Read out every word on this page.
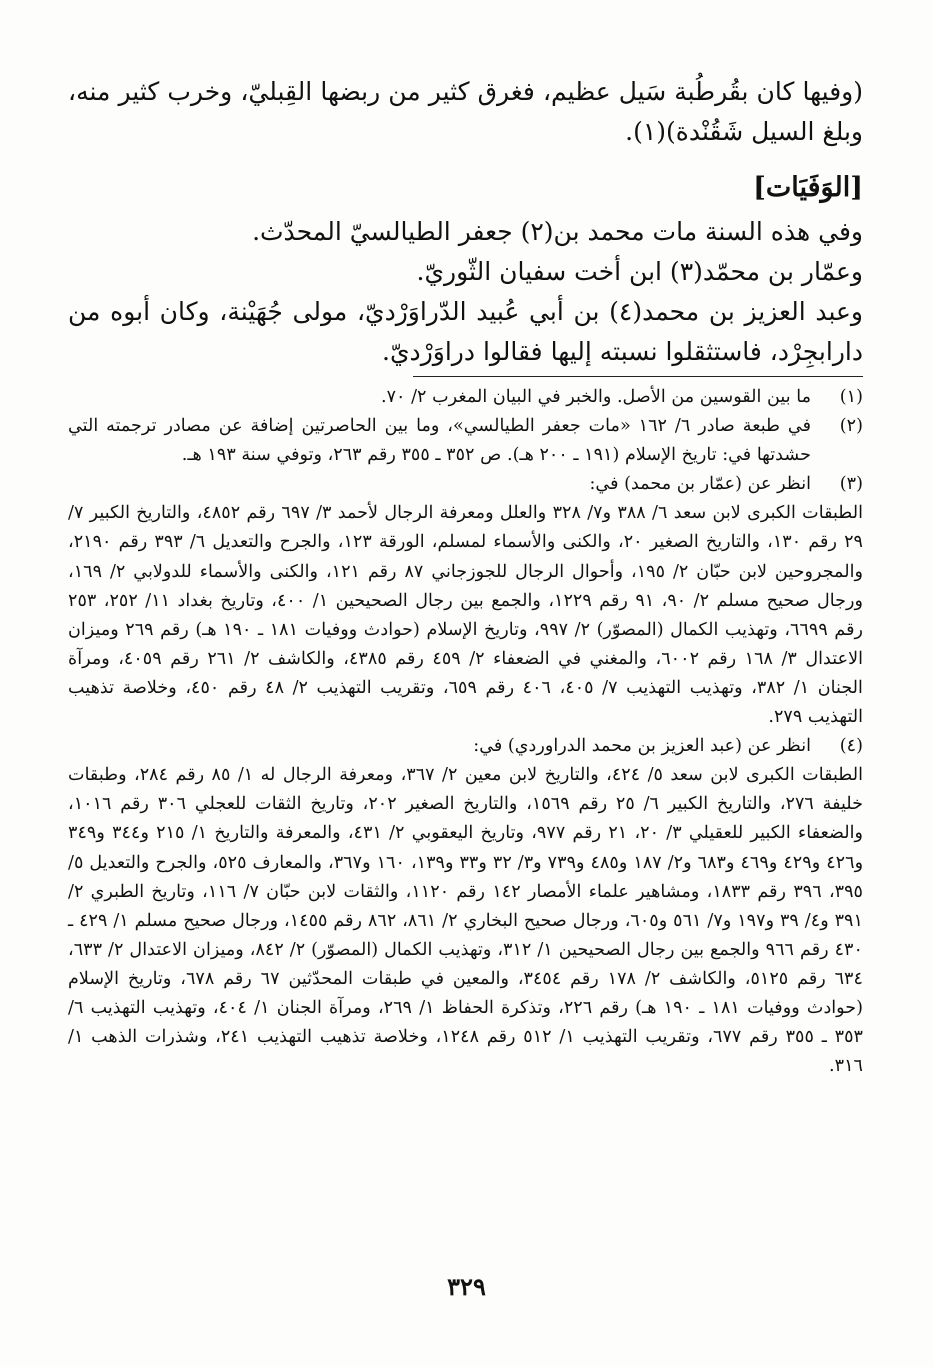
(وفيها كان بقُرطُبة سَيل عظيم، فغرق كثير من ربضها القِبليّ، وخرب كثير منه، وبلغ السيل شَقُنْدة)(١).

[الوَفَيَات]

وفي هذه السنة مات محمد بن(٢) جعفر الطيالسيّ المحدّث.

وعمّار بن محمّد(٣) ابن أخت سفيان الثّوريّ.

وعبد العزيز بن محمد(٤) بن أبي عُبيد الدّراوَرْديّ، مولى جُهَيْنة، وكان أبوه من دارابجِرْد، فاستثقلوا نسبته إليها فقالوا دراوَرْديّ.

(١)
ما بين القوسين من الأصل. والخبر في البيان المغرب ٢/ ٧٠.
(٢)
في طبعة صادر ٦/ ١٦٢ «مات جعفر الطيالسي»، وما بين الحاصرتين إضافة عن مصادر ترجمته التي حشدتها في: تاريخ الإسلام (١٩١ ـ ٢٠٠ هـ). ص ٣٥٢ ـ ٣٥٥ رقم ٢٦٣، وتوفي سنة ١٩٣ هـ.
(٣)
انظر عن (عمّار بن محمد) في:
الطبقات الكبرى لابن سعد ٦/ ٣٨٨ و٧/ ٣٢٨ والعلل ومعرفة الرجال لأحمد ٣/ ٦٩٧ رقم ٤٨٥٢، والتاريخ الكبير ٧/ ٢٩ رقم ١٣٠، والتاريخ الصغير ٢٠، والكنى والأسماء لمسلم، الورقة ١٢٣، والجرح والتعديل ٦/ ٣٩٣ رقم ٢١٩٠، والمجروحين لابن حبّان ٢/ ١٩٥، وأحوال الرجال للجوزجاني ٨٧ رقم ١٢١، والكنى والأسماء للدولابي ٢/ ١٦٩، ورجال صحيح مسلم ٢/ ٩٠، ٩١ رقم ١٢٢٩، والجمع بين رجال الصحيحين ١/ ٤٠٠، وتاريخ بغداد ١١/ ٢٥٢، ٢٥٣ رقم ٦٦٩٩، وتهذيب الكمال (المصوّر) ٢/ ٩٩٧، وتاريخ الإسلام (حوادث ووفيات ١٨١ ـ ١٩٠ هـ) رقم ٢٦٩ وميزان الاعتدال ٣/ ١٦٨ رقم ٦٠٠٢، والمغني في الضعفاء ٢/ ٤٥٩ رقم ٤٣٨٥، والكاشف ٢/ ٢٦١ رقم ٤٠٥٩، ومرآة الجنان ١/ ٣٨٢، وتهذيب التهذيب ٧/ ٤٠٥، ٤٠٦ رقم ٦٥٩، وتقريب التهذيب ٢/ ٤٨ رقم ٤٥٠، وخلاصة تذهيب التهذيب ٢٧٩.
(٤)
انظر عن (عبد العزيز بن محمد الدراوردي) في:
الطبقات الكبرى لابن سعد ٥/ ٤٢٤، والتاريخ لابن معين ٢/ ٣٦٧، ومعرفة الرجال له ١/ ٨٥ رقم ٢٨٤، وطبقات خليفة ٢٧٦، والتاريخ الكبير ٦/ ٢٥ رقم ١٥٦٩، والتاريخ الصغير ٢٠٢، وتاريخ الثقات للعجلي ٣٠٦ رقم ١٠١٦، والضعفاء الكبير للعقيلي ٣/ ٢٠، ٢١ رقم ٩٧٧، وتاريخ اليعقوبي ٢/ ٤٣١، والمعرفة والتاريخ ١/ ٢١٥ و٣٤٤ و٣٤٩ و٤٢٦ و٤٢٩ و٤٦٩ و٦٨٣ و٢/ ١٨٧ و٤٨٥ و٧٣٩ و٣/ ٣٢ و٣٣ و١٣٩، ١٦٠ و٣٦٧، والمعارف ٥٢٥، والجرح والتعديل ٥/ ٣٩٥، ٣٩٦ رقم ١٨٣٣، ومشاهير علماء الأمصار ١٤٢ رقم ١١٢٠، والثقات لابن حبّان ٧/ ١١٦، وتاريخ الطبري ٢/ ٣٩١ و٤/ ٣٩ و١٩٧ و٧/ ٥٦١ و٦٠٥، ورجال صحيح البخاري ٢/ ٨٦١، ٨٦٢ رقم ١٤٥٥، ورجال صحيح مسلم ١/ ٤٢٩ ـ ٤٣٠ رقم ٩٦٦ والجمع بين رجال الصحيحين ١/ ٣١٢، وتهذيب الكمال (المصوّر) ٢/ ٨٤٢، وميزان الاعتدال ٢/ ٦٣٣، ٦٣٤ رقم ٥١٢٥، والكاشف ٢/ ١٧٨ رقم ٣٤٥٤، والمعين في طبقات المحدّثين ٦٧ رقم ٦٧٨، وتاريخ الإسلام (حوادث ووفيات ١٨١ ـ ١٩٠ هـ) رقم ٢٢٦، وتذكرة الحفاظ ١/ ٢٦٩، ومرآة الجنان ١/ ٤٠٤، وتهذيب التهذيب ٦/ ٣٥٣ ـ ٣٥٥ رقم ٦٧٧، وتقريب التهذيب ١/ ٥١٢ رقم ١٢٤٨، وخلاصة تذهيب التهذيب ٢٤١، وشذرات الذهب ١/ ٣١٦.
٣٢٩
